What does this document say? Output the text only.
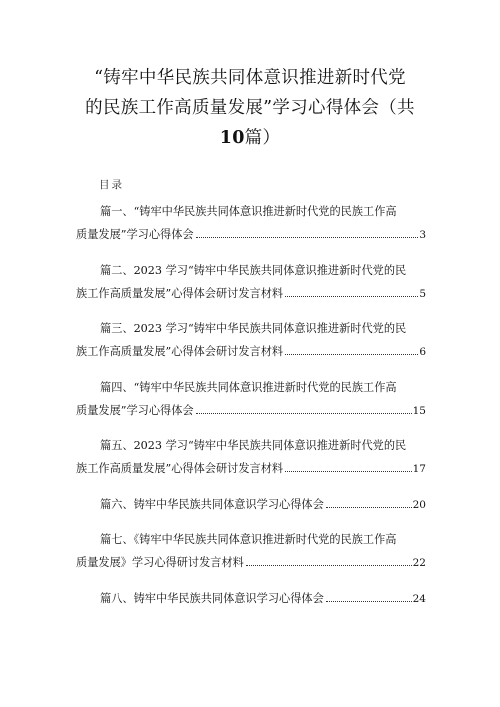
“铸牢中华民族共同体意识推进新时代党
的民族工作高质量发展”学习心得体会（共
10篇）
目录
篇一、“铸牢中华民族共同体意识推进新时代党的民族工作高
质量发展”学习心得体会	3
篇二、2023 学习“铸牢中华民族共同体意识推进新时代党的民
族工作高质量发展”心得体会研讨发言材料	5
篇三、2023 学习“铸牢中华民族共同体意识推进新时代党的民
族工作高质量发展”心得体会研讨发言材料	6
篇四、“铸牢中华民族共同体意识推进新时代党的民族工作高
质量发展”学习心得体会	15
篇五、2023 学习“铸牢中华民族共同体意识推进新时代党的民
族工作高质量发展”心得体会研讨发言材料	17
篇六、铸牢中华民族共同体意识学习心得体会	20
篇七、《铸牢中华民族共同体意识推进新时代党的民族工作高
质量发展》学习心得研讨发言材料	22
篇八、铸牢中华民族共同体意识学习心得体会	24
